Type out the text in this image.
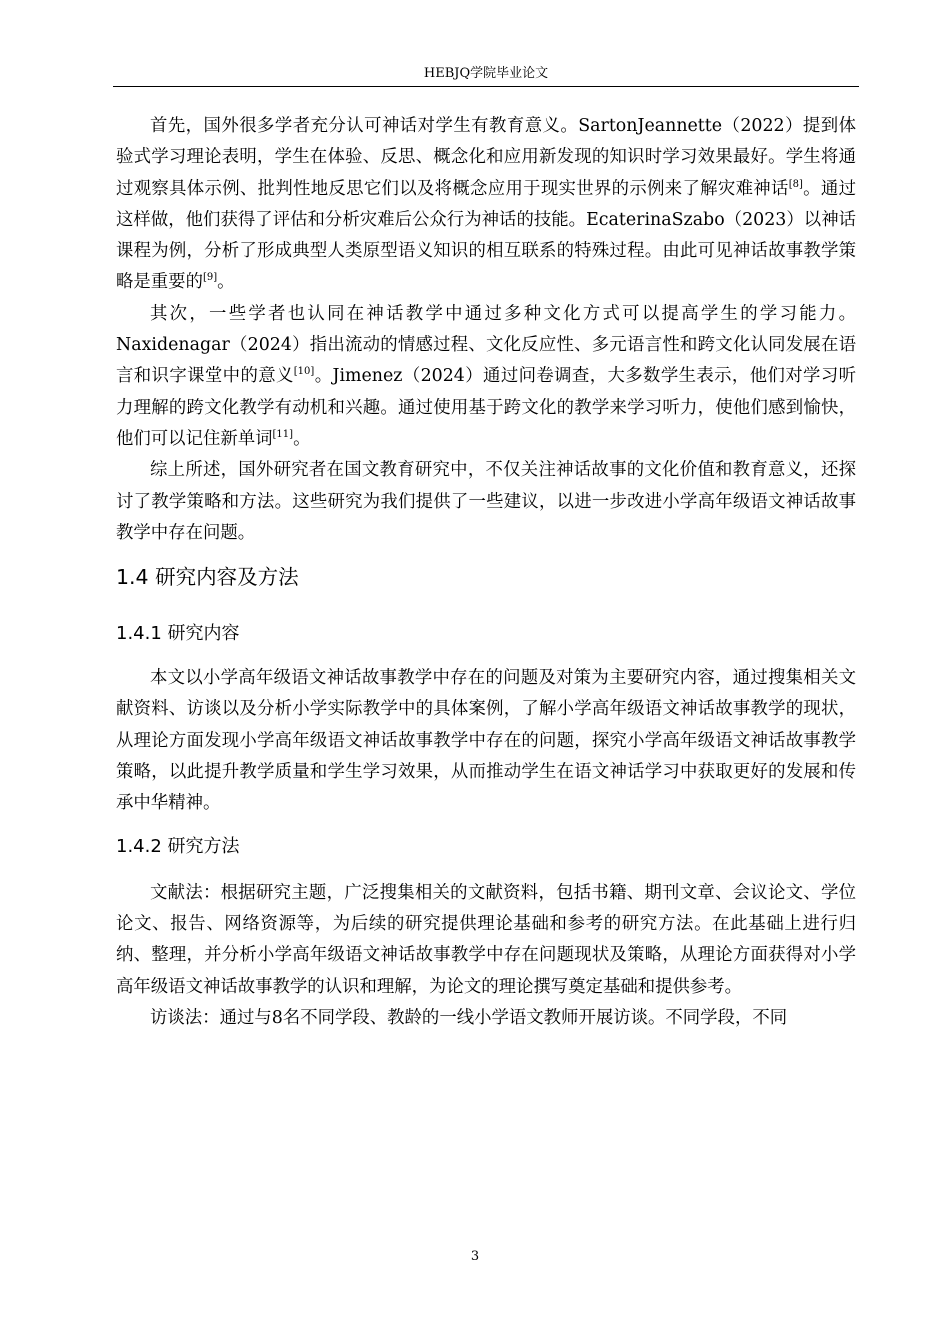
HEBJQ学院毕业论文

首先，国外很多学者充分认可神话对学生有教育意义。SartonJeannette（2022）提到体验式学习理论表明，学生在体验、反思、概念化和应用新发现的知识时学习效果最好。学生将通过观察具体示例、批判性地反思它们以及将概念应用于现实世界的示例来了解灾难神话[8]。通过这样做，他们获得了评估和分析灾难后公众行为神话的技能。EcaterinaSzabo（2023）以神话课程为例，分析了形成典型人类原型语义知识的相互联系的特殊过程。由此可见神话故事教学策略是重要的[9]。

其次，一些学者也认同在神话教学中通过多种文化方式可以提高学生的学习能力。Naxidenagar（2024）指出流动的情感过程、文化反应性、多元语言性和跨文化认同发展在语言和识字课堂中的意义[10]。Jimenez（2024）通过问卷调查，大多数学生表示，他们对学习听力理解的跨文化教学有动机和兴趣。通过使用基于跨文化的教学来学习听力，使他们感到愉快，他们可以记住新单词[11]。

综上所述，国外研究者在国文教育研究中，不仅关注神话故事的文化价值和教育意义，还探讨了教学策略和方法。这些研究为我们提供了一些建议，以进一步改进小学高年级语文神话故事教学中存在问题。

1.4 研究内容及方法
1.4.1 研究内容

本文以小学高年级语文神话故事教学中存在的问题及对策为主要研究内容，通过搜集相关文献资料、访谈以及分析小学实际教学中的具体案例，了解小学高年级语文神话故事教学的现状，从理论方面发现小学高年级语文神话故事教学中存在的问题，探究小学高年级语文神话故事教学策略，以此提升教学质量和学生学习效果，从而推动学生在语文神话学习中获取更好的发展和传承中华精神。

1.4.2 研究方法

文献法：根据研究主题，广泛搜集相关的文献资料，包括书籍、期刊文章、会议论文、学位论文、报告、网络资源等，为后续的研究提供理论基础和参考的研究方法。在此基础上进行归纳、整理，并分析小学高年级语文神话故事教学中存在问题现状及策略，从理论方面获得对小学高年级语文神话故事教学的认识和理解，为论文的理论撰写奠定基础和提供参考。

访谈法：通过与8名不同学段、教龄的一线小学语文教师开展访谈。不同学段，不同

3
